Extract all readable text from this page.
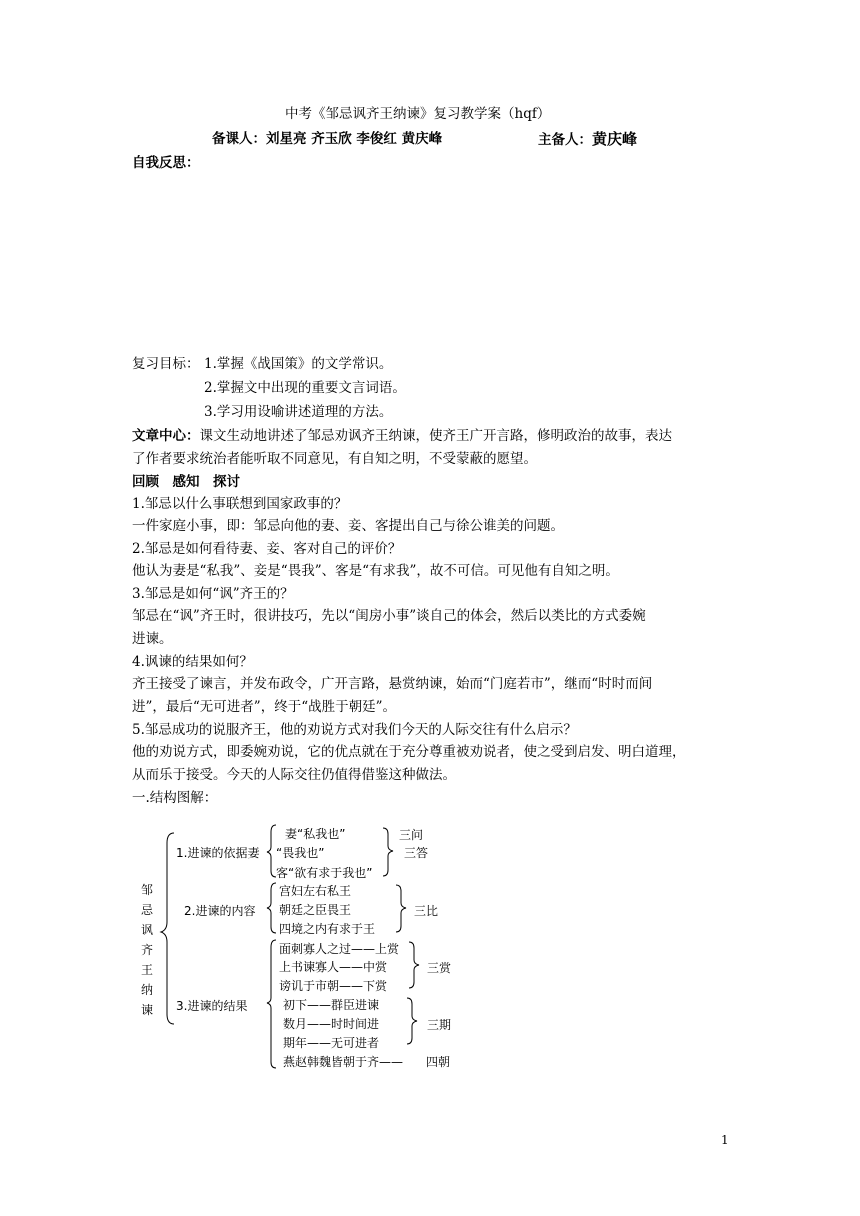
中考《邹忌讽齐王纳谏》复习教学案（hqf）
备课人：刘星亮 齐玉欣 李俊红 黄庆峰	主备人：黄庆峰
自我反思：
复习目标： 1.掌握《战国策》的文学常识。
2.掌握文中出现的重要文言词语。
3.学习用设喻讲述道理的方法。
文章中心：课文生动地讲述了邹忌劝讽齐王纳谏，使齐王广开言路，修明政治的故事，表达
了作者要求统治者能听取不同意见，有自知之明，不受蒙蔽的愿望。
回顾　感知　探讨
1.邹忌以什么事联想到国家政事的？
一件家庭小事，即：邹忌向他的妻、妾、客提出自己与徐公谁美的问题。
2.邹忌是如何看待妻、妾、客对自己的评价？
他认为妻是“私我”、妾是“畏我”、客是“有求我”，故不可信。可见他有自知之明。
3.邹忌是如何“讽”齐王的？
邹忌在“讽”齐王时，很讲技巧，先以“闺房小事”谈自己的体会，然后以类比的方式委婉
进谏。
4.讽谏的结果如何？
齐王接受了谏言，并发布政令，广开言路，悬赏纳谏，始而“门庭若市”，继而“时时而间
进”，最后“无可进者”，终于“战胜于朝廷”。
5.邹忌成功的说服齐王，他的劝说方式对我们今天的人际交往有什么启示？
他的劝说方式，即委婉劝说，它的优点就在于充分尊重被劝说者，使之受到启发、明白道理，
从而乐于接受。今天的人际交往仍值得借鉴这种做法。
一.结构图解：
邹
忌
讽
齐
王
纳
谏
1.进谏的依据妻
妻“私我也”
“畏我也”
客“欲有求于我也”
三问
三答
2.进谏的内容
宫妇左右私王
朝廷之臣畏王
四境之内有求于王
三比
3.进谏的结果
面刺寡人之过——上赏
上书谏寡人——中赏
谤讥于市朝——下赏
三赏
初下——群臣进谏
数月——时时间进
期年——无可进者
三期
燕赵韩魏皆朝于齐—— 四朝
1
